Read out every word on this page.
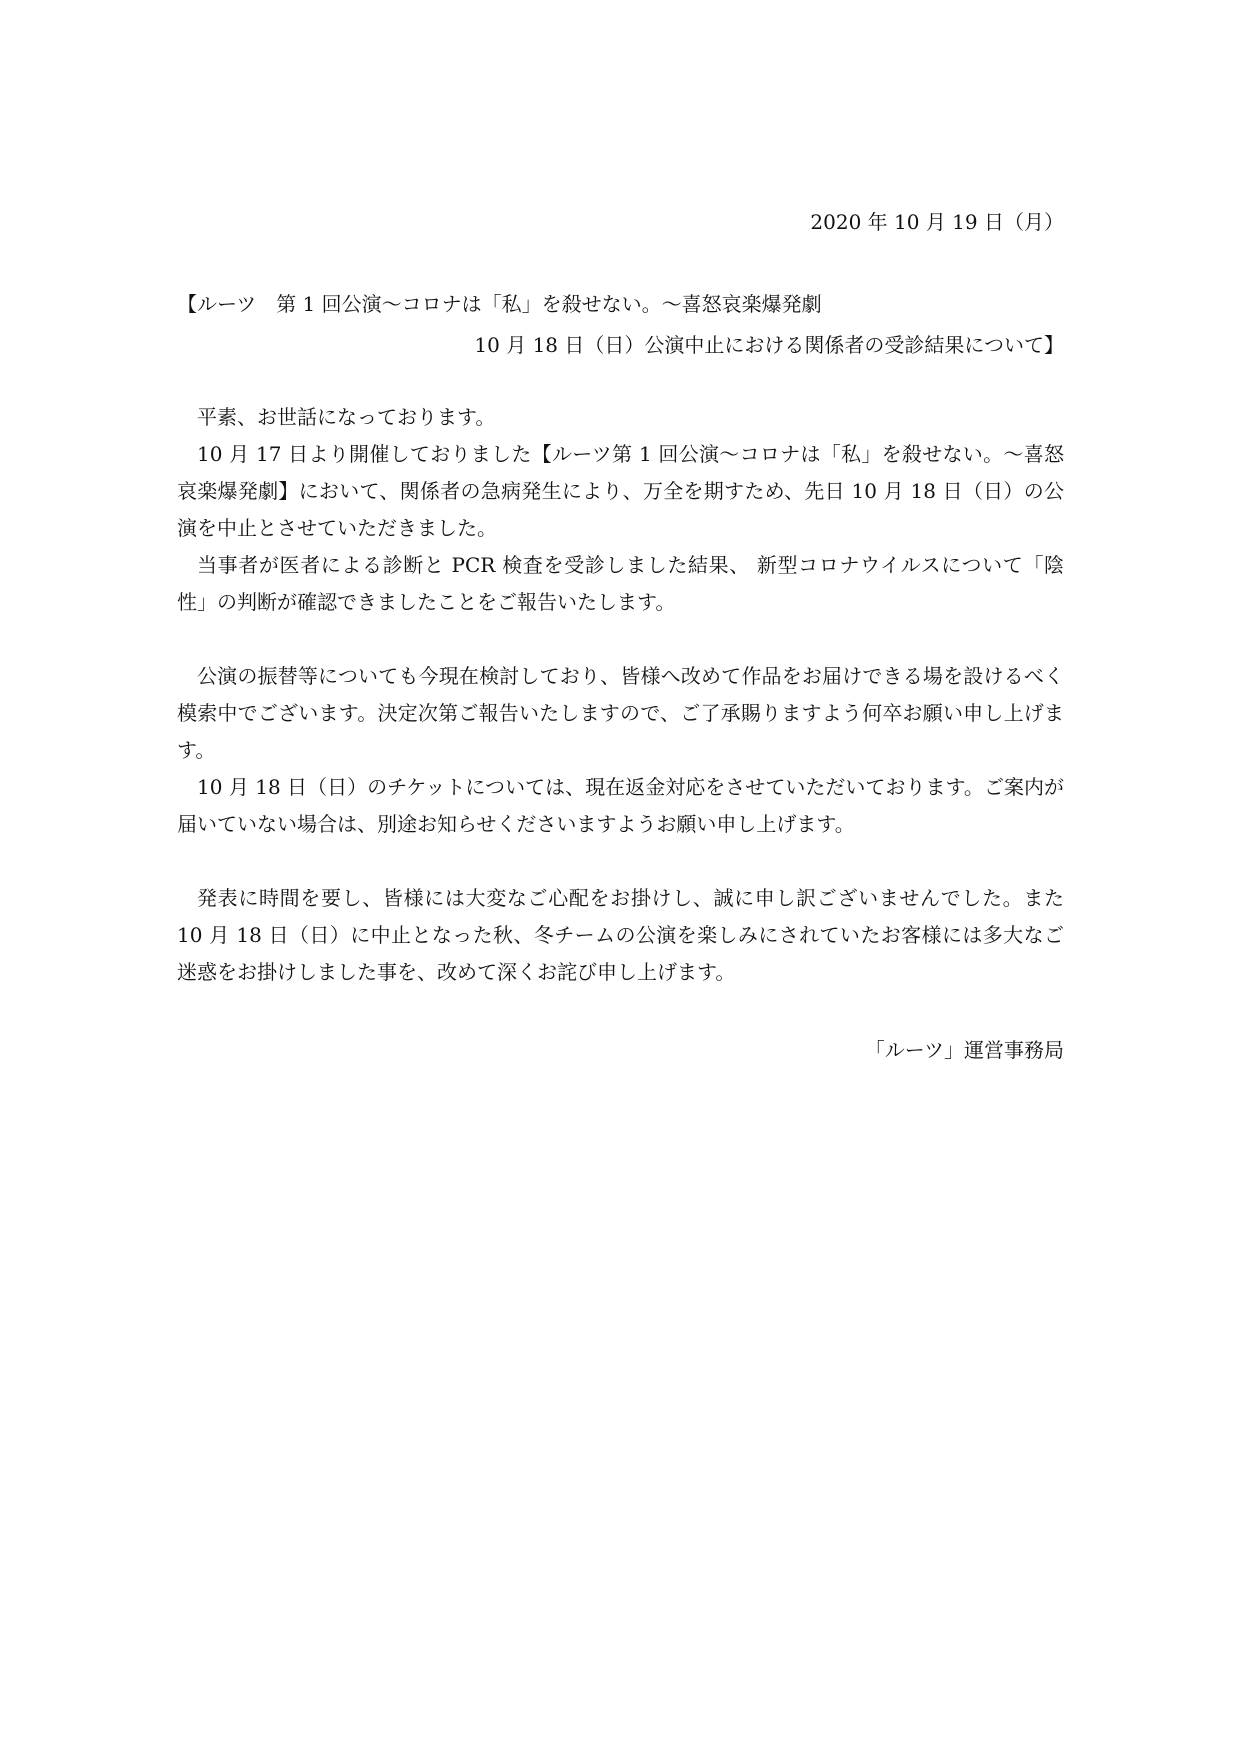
2020 年 10 月 19 日（月）
【ルーツ　第 1 回公演〜コロナは「私」を殺せない。〜喜怒哀楽爆発劇
10 月 18 日（日）公演中止における関係者の受診結果について】

平素、お世話になっております。

10 月 17 日より開催しておりました【ルーツ第 1 回公演〜コロナは「私」を殺せない。〜喜怒哀楽爆発劇】において、関係者の急病発生により、万全を期すため、先日 10 月 18 日（日）の公演を中止とさせていただきました。

当事者が医者による診断と PCR 検査を受診しました結果、 新型コロナウイルスについて「陰性」の判断が確認できましたことをご報告いたします。

公演の振替等についても今現在検討しており、皆様へ改めて作品をお届けできる場を設けるべく模索中でございます。決定次第ご報告いたしますので、ご了承賜りますよう何卒お願い申し上げます。

10 月 18 日（日）のチケットについては、現在返金対応をさせていただいております。ご案内が届いていない場合は、別途お知らせくださいますようお願い申し上げます。

発表に時間を要し、皆様には大変なご心配をお掛けし、誠に申し訳ございませんでした。また 10 月 18 日（日）に中止となった秋、冬チームの公演を楽しみにされていたお客様には多大なご迷惑をお掛けしました事を、改めて深くお詫び申し上げます。

「ルーツ」運営事務局
